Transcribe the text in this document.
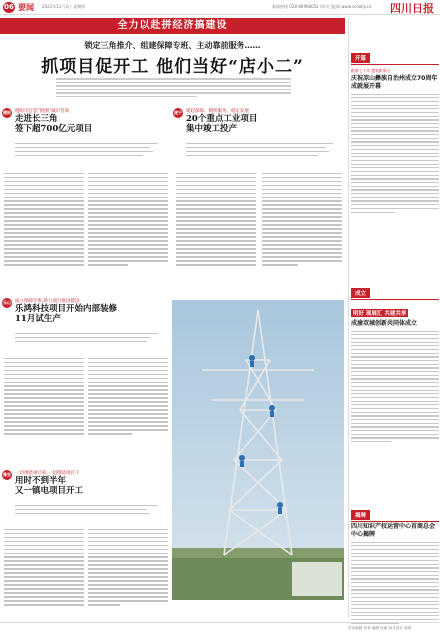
06 要闻 2022年11月3日 星期四	新闻热线 028-86968052 四川日报网 www.scdaily.cn 四川日报
全力以赴拼经济搞建设
锁定三角推介、组建保障专班、主动靠前服务……
抓项目促开工 他们当好“店小二”
德阳 德阳市打造“链圈”城市营商
走进长三角
签下超700亿元项目
遂宁 建起保障、钢铁服务、稳定发展
20个重点工业项目
集中竣工投产
乐山 成立保障专班,助力项目推进建设
乐鸿科技项目开始内部装修
11月试生产
雅安 一切围绕项目转,一切围绕项目干
用时不到半年
又一镇电项目开工
开篇
跟着七十年 盛装新体山
庆祝凉山彝族自治州成立70周年成就展开幕
成立
明好 现展汇 共建共享
成渝双城创新共同体成立
揭牌
四川知识产权运营中心首商总会中心揭牌
责任编辑 刘青 编辑 伍丽 版式设计 周明
